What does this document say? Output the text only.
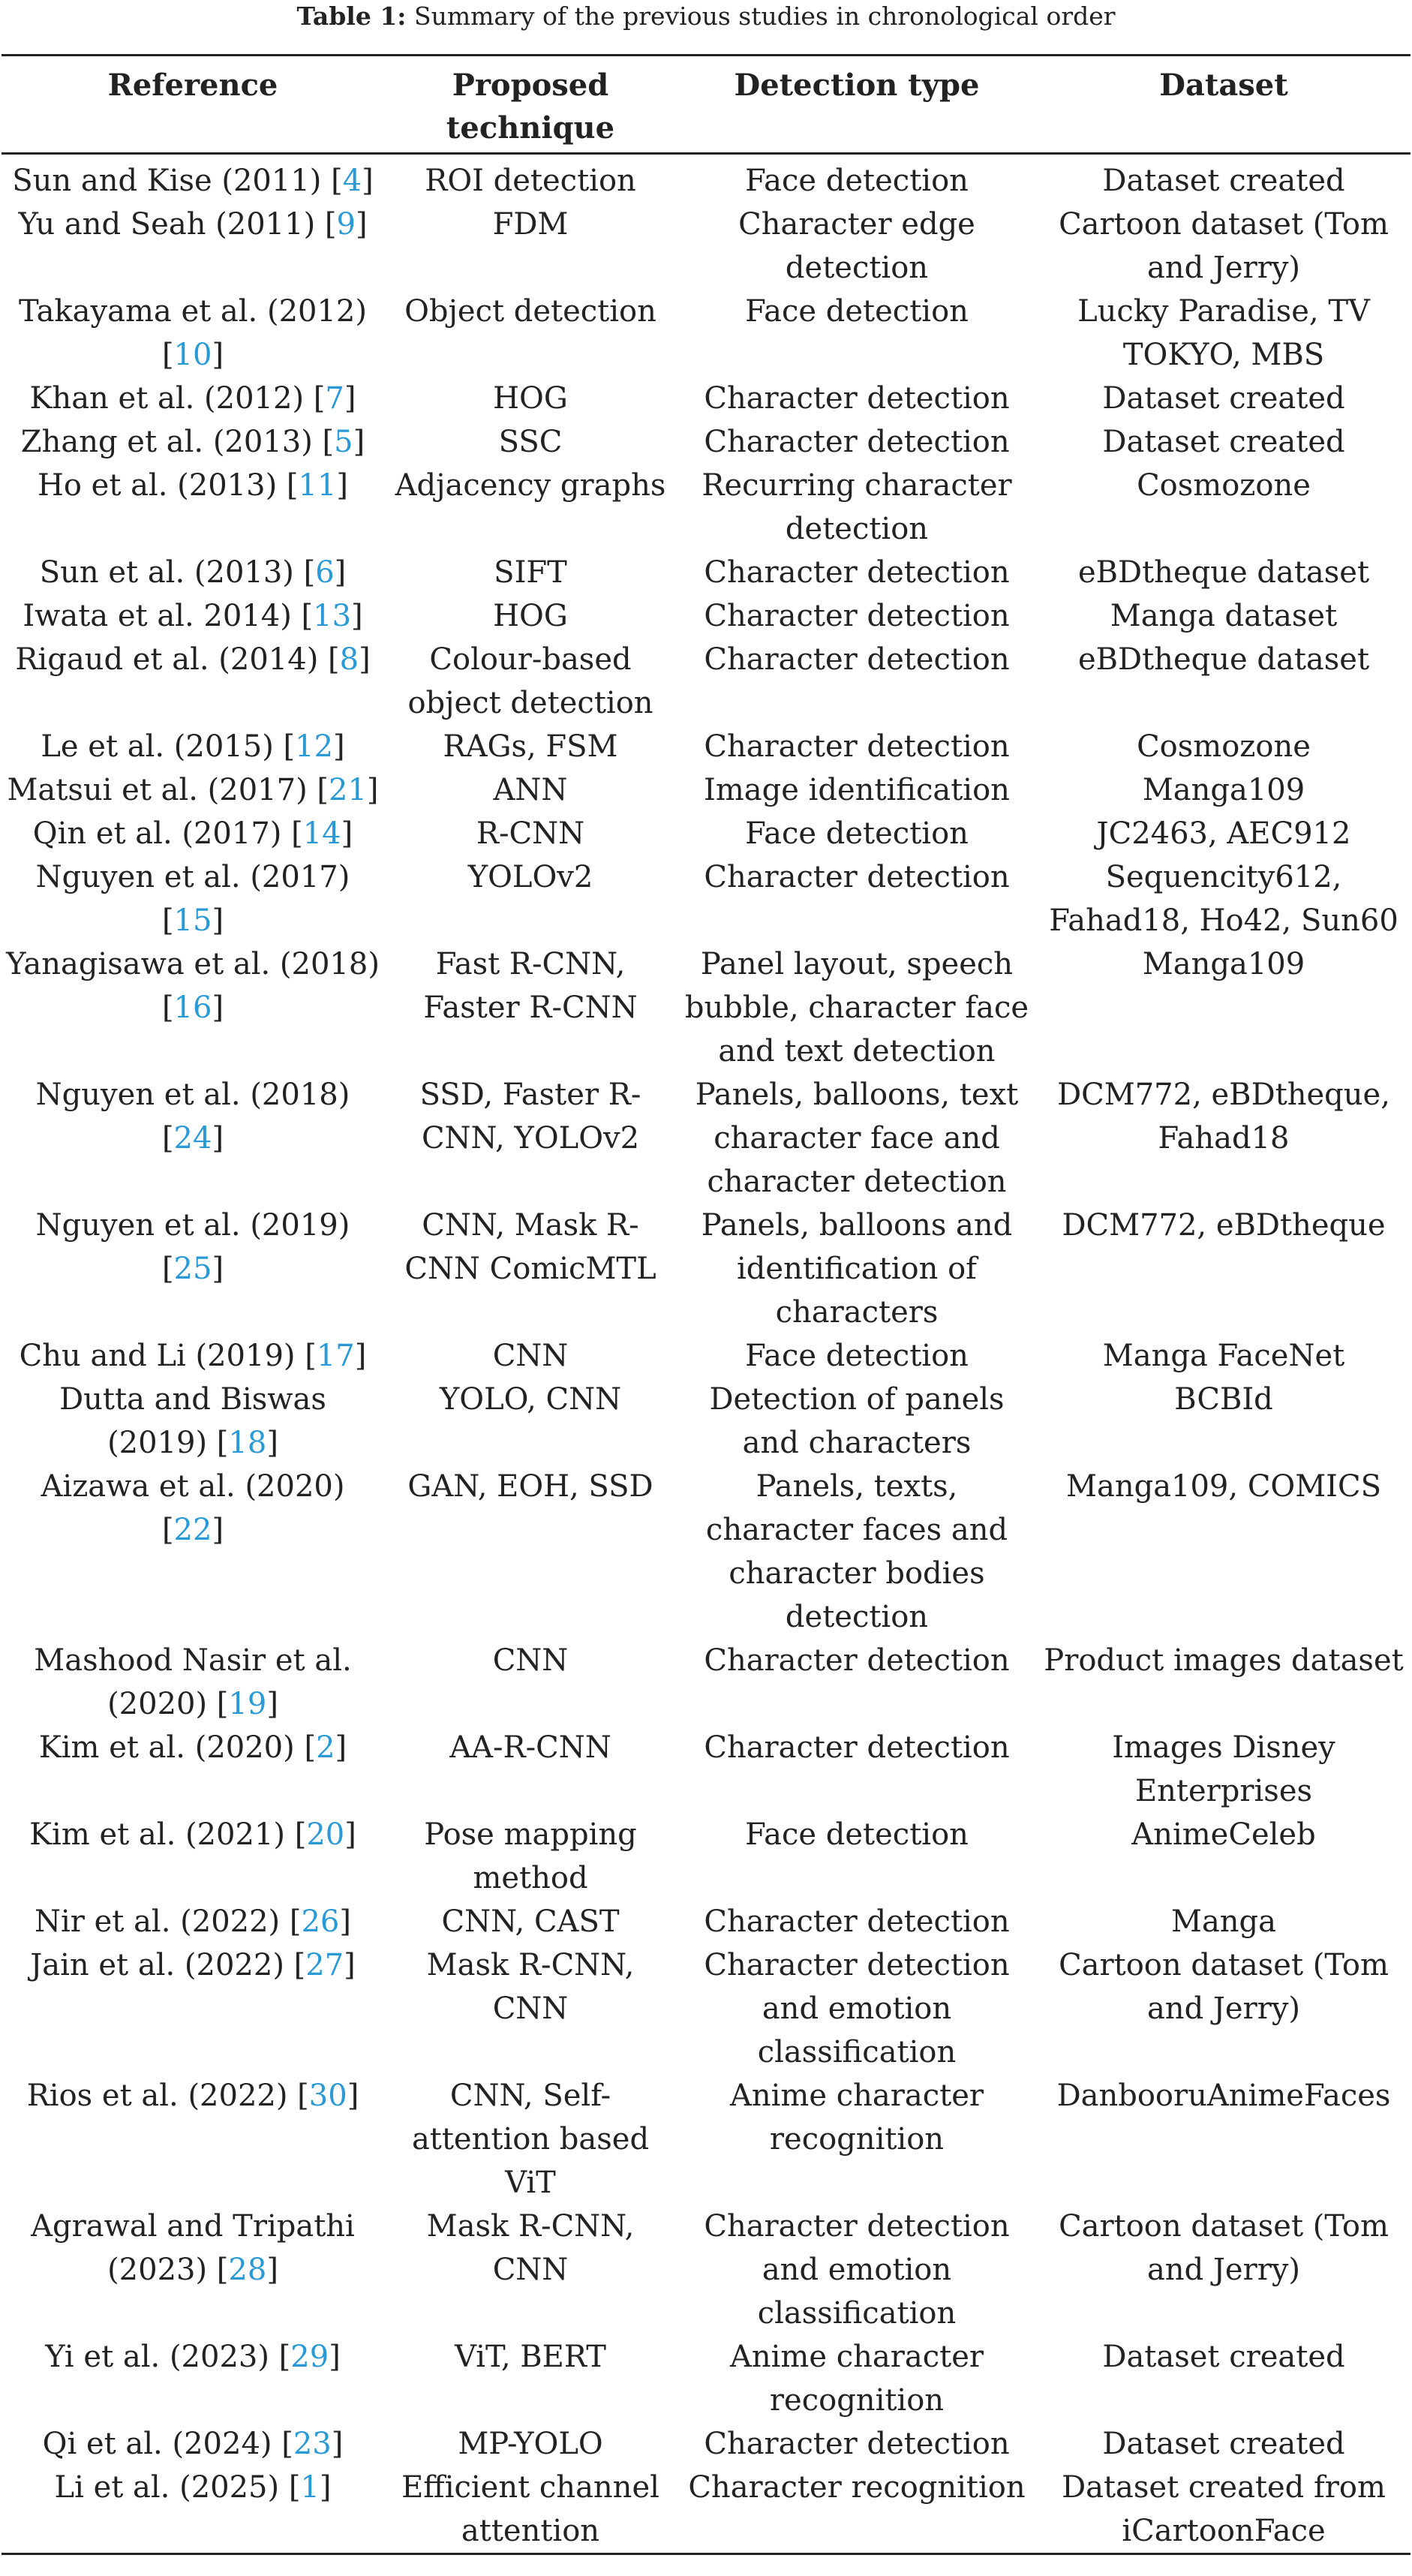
Table 1: Summary of the previous studies in chronological order
Reference	Proposed technique	Detection type	Dataset
Sun and Kise (2011) [4]	ROI detection	Face detection	Dataset created
Yu and Seah (2011) [9]	FDM	Character edge detection	Cartoon dataset (Tom and Jerry)
Takayama et al. (2012) [10]	Object detection	Face detection	Lucky Paradise, TV TOKYO, MBS
Khan et al. (2012) [7]	HOG	Character detection	Dataset created
Zhang et al. (2013) [5]	SSC	Character detection	Dataset created
Ho et al. (2013) [11]	Adjacency graphs	Recurring character detection	Cosmozone
Sun et al. (2013) [6]	SIFT	Character detection	eBDtheque dataset
Iwata et al. 2014) [13]	HOG	Character detection	Manga dataset
Rigaud et al. (2014) [8]	Colour-based object detection	Character detection	eBDtheque dataset
Le et al. (2015) [12]	RAGs, FSM	Character detection	Cosmozone
Matsui et al. (2017) [21]	ANN	Image identification	Manga109
Qin et al. (2017) [14]	R-CNN	Face detection	JC2463, AEC912
Nguyen et al. (2017) [15]	YOLOv2	Character detection	Sequencity612, Fahad18, Ho42, Sun60
Yanagisawa et al. (2018) [16]	Fast R-CNN, Faster R-CNN	Panel layout, speech bubble, character face and text detection	Manga109
Nguyen et al. (2018) [24]	SSD, Faster R-CNN, YOLOv2	Panels, balloons, text character face and character detection	DCM772, eBDtheque, Fahad18
Nguyen et al. (2019) [25]	CNN, Mask R-CNN ComicMTL	Panels, balloons and identification of characters	DCM772, eBDtheque
Chu and Li (2019) [17]	CNN	Face detection	Manga FaceNet
Dutta and Biswas (2019) [18]	YOLO, CNN	Detection of panels and characters	BCBId
Aizawa et al. (2020) [22]	GAN, EOH, SSD	Panels, texts, character faces and character bodies detection	Manga109, COMICS
Mashood Nasir et al. (2020) [19]	CNN	Character detection	Product images dataset
Kim et al. (2020) [2]	AA-R-CNN	Character detection	Images Disney Enterprises
Kim et al. (2021) [20]	Pose mapping method	Face detection	AnimeCeleb
Nir et al. (2022) [26]	CNN, CAST	Character detection	Manga
Jain et al. (2022) [27]	Mask R-CNN, CNN	Character detection and emotion classification	Cartoon dataset (Tom and Jerry)
Rios et al. (2022) [30]	CNN, Self-attention based ViT	Anime character recognition	DanbooruAnimeFaces
Agrawal and Tripathi (2023) [28]	Mask R-CNN, CNN	Character detection and emotion classification	Cartoon dataset (Tom and Jerry)
Yi et al. (2023) [29]	ViT, BERT	Anime character recognition	Dataset created
Qi et al. (2024) [23]	MP-YOLO	Character detection	Dataset created
Li et al. (2025) [1]	Efficient channel attention	Character recognition	Dataset created from iCartoonFace
